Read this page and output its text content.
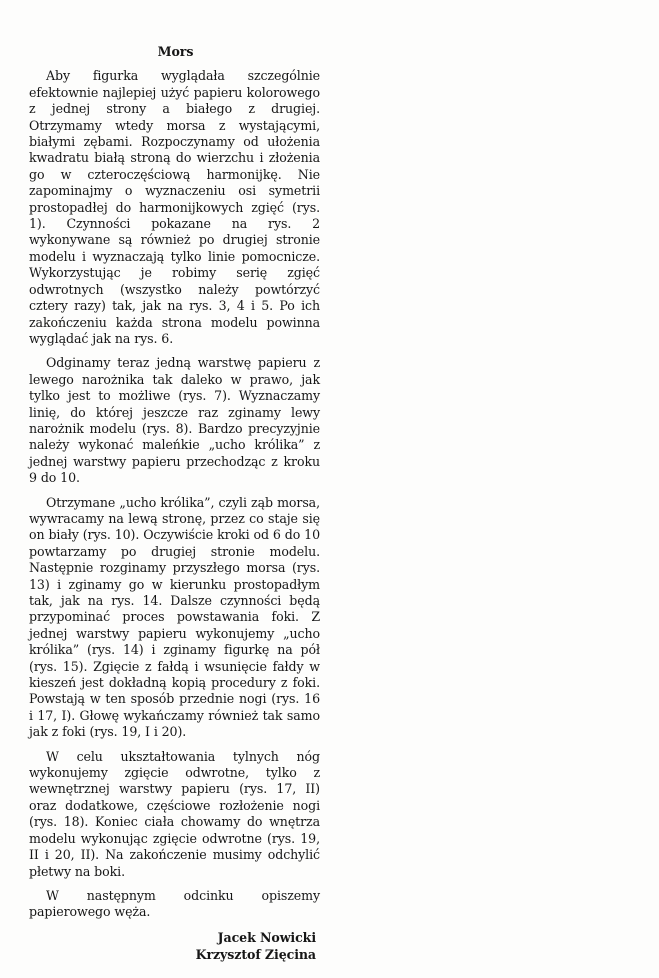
Mors

Aby figurka wyglądała szczególnie efektownie najlepiej użyć papieru kolorowego z jednej strony a białego z drugiej. Otrzymamy wtedy morsa z wystającymi, białymi zębami. Rozpoczynamy od ułożenia kwadratu białą stroną do wierzchu i złożenia go w czteroczęściową harmonijkę. Nie zapominajmy o wyznaczeniu osi symetrii prostopadłej do harmonijkowych zgięć (rys. 1). Czynności pokazane na rys. 2 wykonywane są również po drugiej stronie modelu i wyznaczają tylko linie pomocnicze. Wykorzystując je robimy serię zgięć odwrotnych (wszystko należy powtórzyć cztery razy) tak, jak na rys. 3, 4 i 5. Po ich zakończeniu każda strona modelu powinna wyglądać jak na rys. 6.

Odginamy teraz jedną warstwę papieru z lewego narożnika tak daleko w prawo, jak tylko jest to możliwe (rys. 7). Wyznaczamy linię, do której jeszcze raz zginamy lewy narożnik modelu (rys. 8). Bardzo precyzyjnie należy wykonać maleńkie „ucho królika” z jednej warstwy papieru przechodząc z kroku 9 do 10.

Otrzymane „ucho królika”, czyli ząb morsa, wywracamy na lewą stronę, przez co staje się on biały (rys. 10). Oczywiście kroki od 6 do 10 powtarzamy po drugiej stronie modelu. Następnie rozginamy przyszłego morsa (rys. 13) i zginamy go w kierunku prostopadłym tak, jak na rys. 14. Dalsze czynności będą przypominać proces powstawania foki. Z jednej warstwy papieru wykonujemy „ucho królika” (rys. 14) i zginamy figurkę na pół (rys. 15). Zgięcie z fałdą i wsunięcie fałdy w kieszeń jest dokładną kopią procedury z foki. Powstają w ten sposób przednie nogi (rys. 16 i 17, I). Głowę wykańczamy również tak samo jak z foki (rys. 19, I i 20).

W celu ukształtowania tylnych nóg wykonujemy zgięcie odwrotne, tylko z wewnętrznej warstwy papieru (rys. 17, II) oraz dodatkowe, częściowe rozłożenie nogi (rys. 18). Koniec ciała chowamy do wnętrza modelu wykonując zgięcie odwrotne (rys. 19, II i 20, II). Na zakończenie musimy odchylić płetwy na boki.

W następnym odcinku opiszemy papierowego węża.

Jacek Nowicki
Krzysztof Zięcina
